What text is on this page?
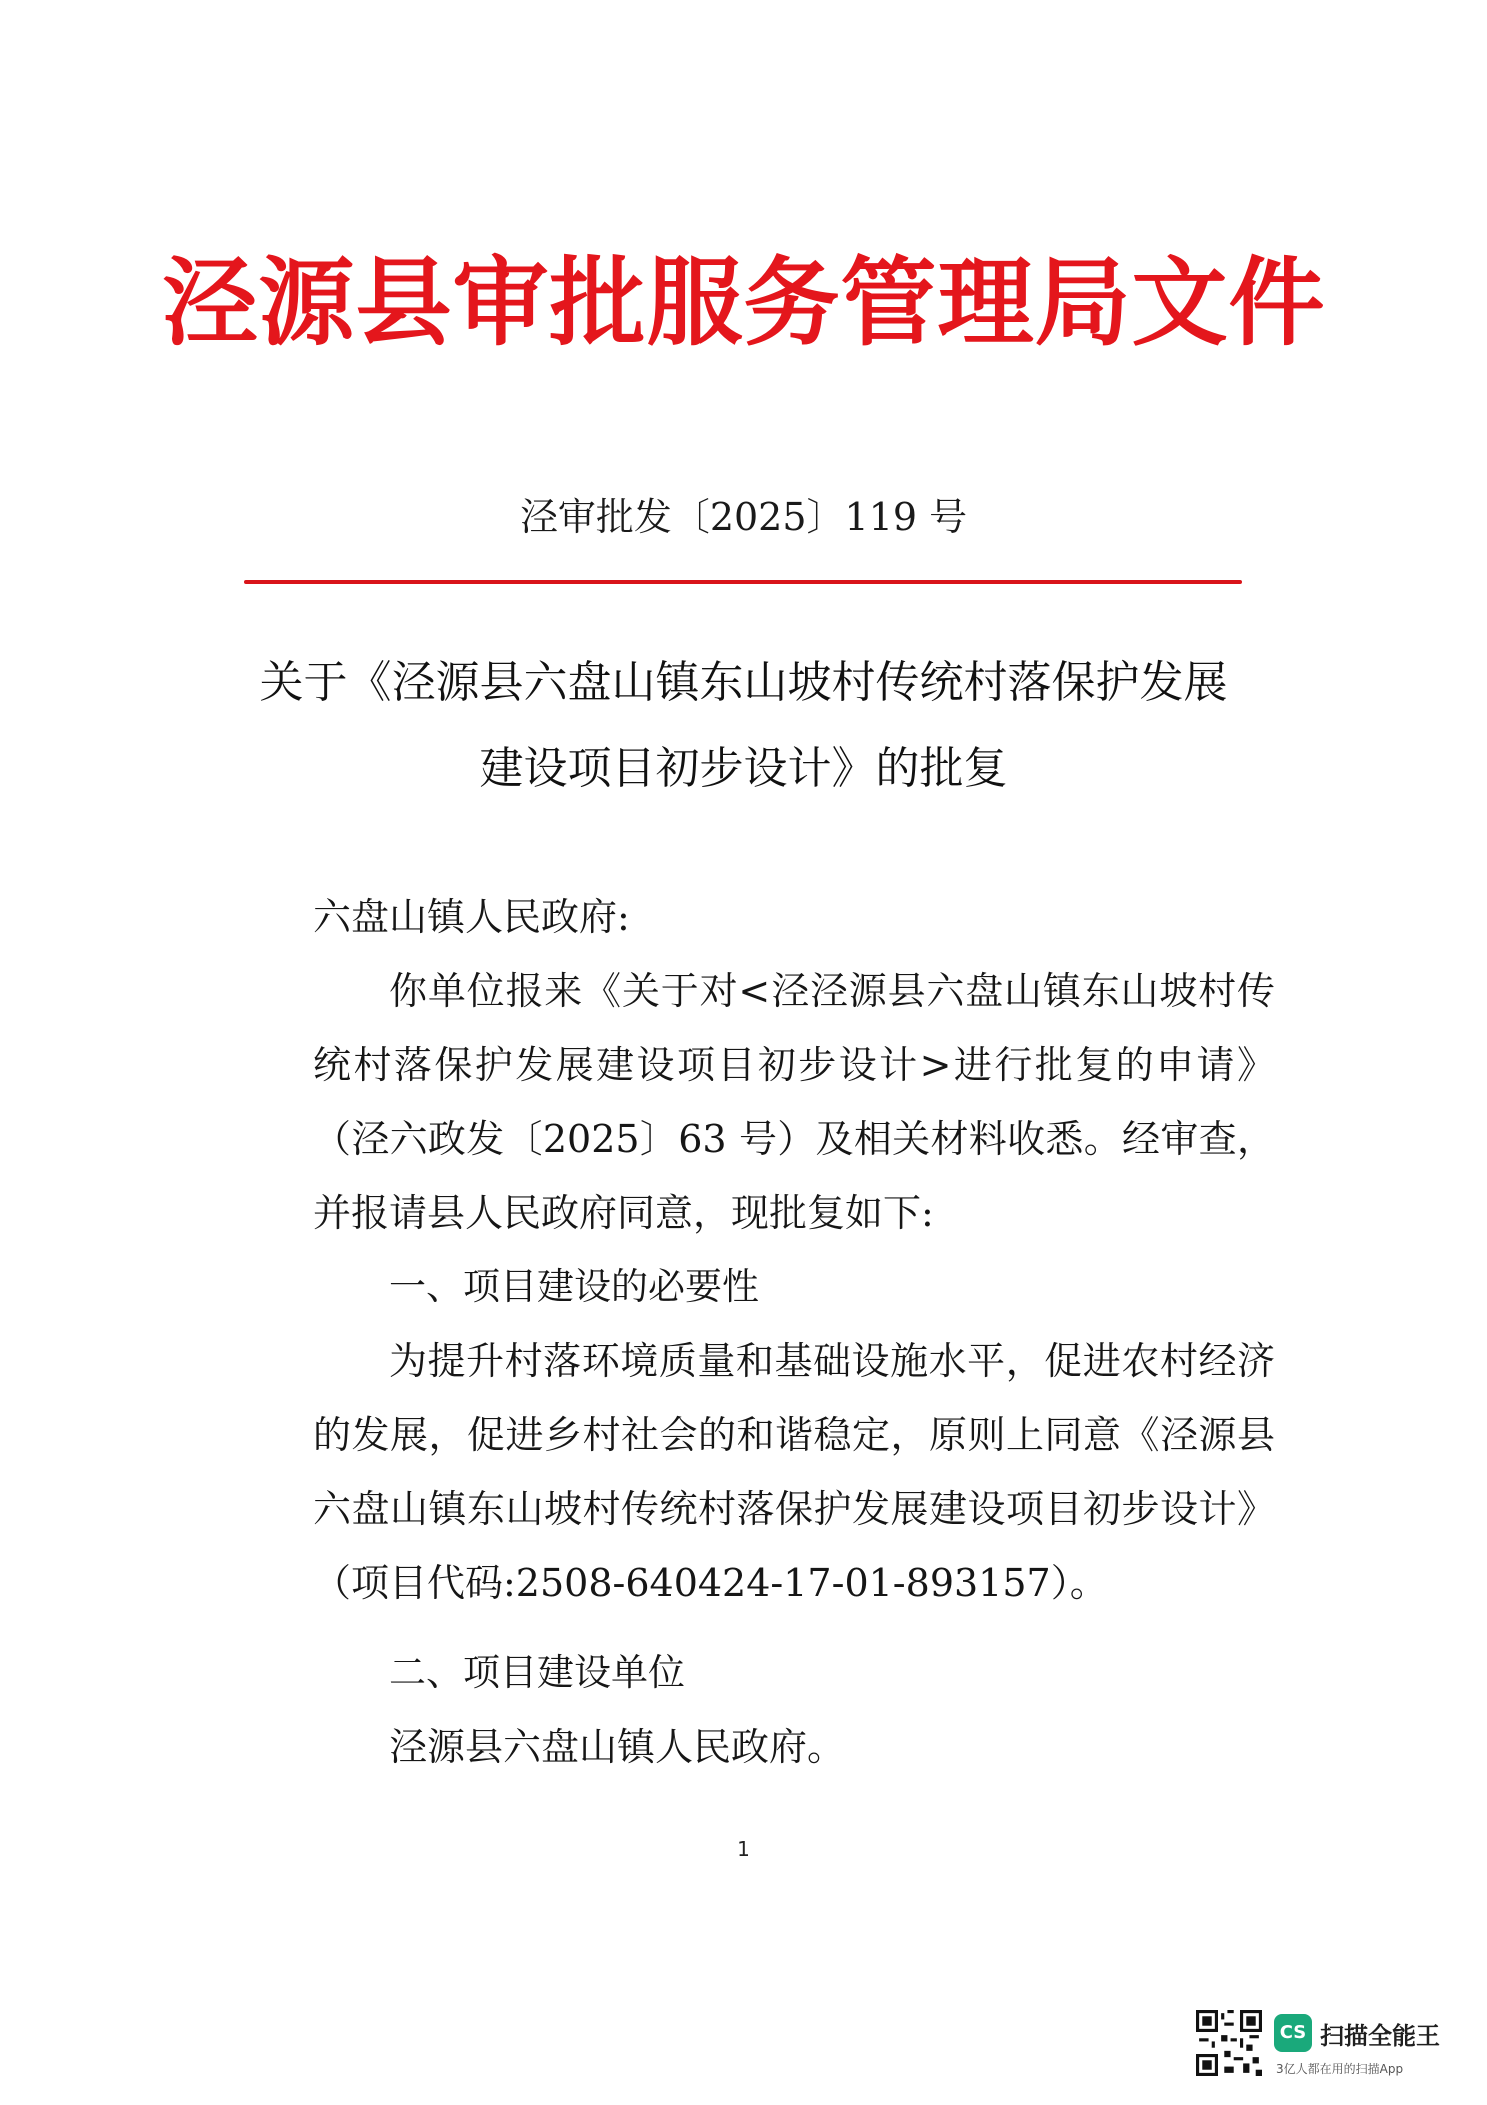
泾源县审批服务管理局文件
泾审批发〔2025〕119 号
关于《泾源县六盘山镇东山坡村传统村落保护发展
建设项目初步设计》的批复

六盘山镇人民政府:

你单位报来《关于对<泾泾源县六盘山镇东山坡村传统村落保护发展建设项目初步设计>进行批复的申请》（泾六政发〔2025〕63 号）及相关材料收悉。经审查，并报请县人民政府同意，现批复如下:

一、项目建设的必要性

为提升村落环境质量和基础设施水平，促进农村经济的发展，促进乡村社会的和谐稳定，原则上同意《泾源县六盘山镇东山坡村传统村落保护发展建设项目初步设计》（项目代码:2508-640424-17-01-893157）。

二、项目建设单位

泾源县六盘山镇人民政府。

1
CS 扫描全能王
3亿人都在用的扫描App
